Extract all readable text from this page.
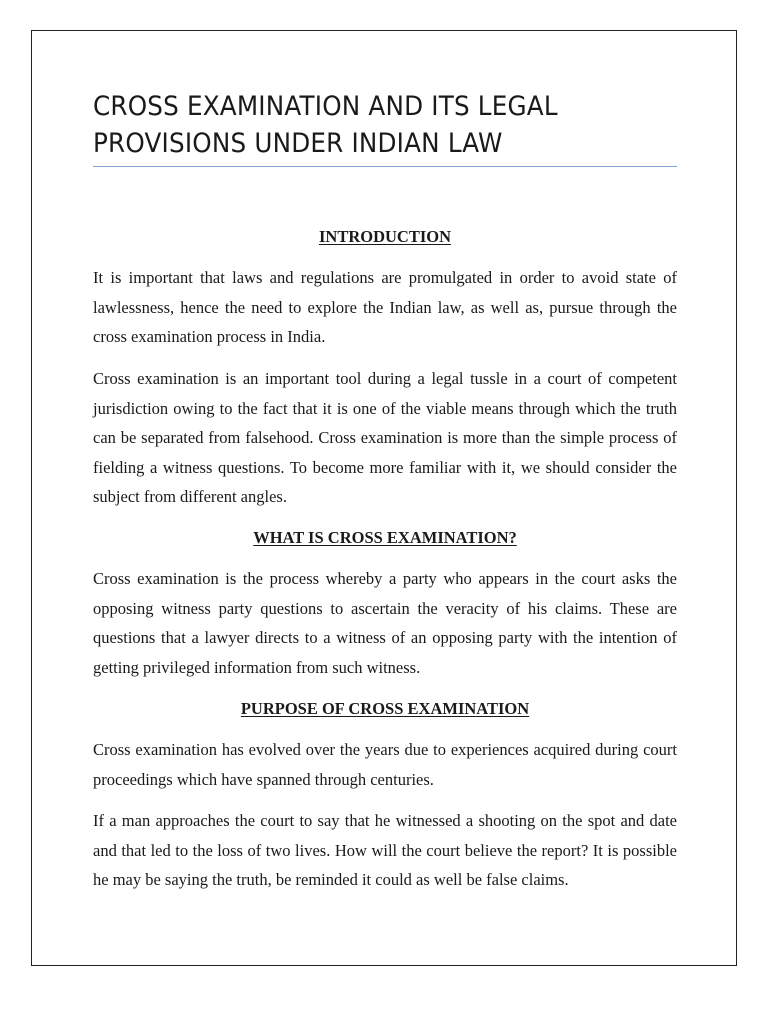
CROSS EXAMINATION AND ITS LEGAL PROVISIONS UNDER INDIAN LAW
INTRODUCTION

It is important that laws and regulations are promulgated in order to avoid state of lawlessness, hence the need to explore the Indian law, as well as, pursue through the cross examination process in India.

Cross examination is an important tool during a legal tussle in a court of competent jurisdiction owing to the fact that it is one of the viable means through which the truth can be separated from falsehood. Cross examination is more than the simple process of fielding a witness questions. To become more familiar with it, we should consider the subject from different angles.

WHAT IS CROSS EXAMINATION?

Cross examination is the process whereby a party who appears in the court asks the opposing witness party questions to ascertain the veracity of his claims. These are questions that a lawyer directs to a witness of an opposing party with the intention of getting privileged information from such witness.

PURPOSE OF CROSS EXAMINATION

Cross examination has evolved over the years due to experiences acquired during court proceedings which have spanned through centuries.

If a man approaches the court to say that he witnessed a shooting on the spot and date and that led to the loss of two lives. How will the court believe the report? It is possible he may be saying the truth, be reminded it could as well be false claims.
